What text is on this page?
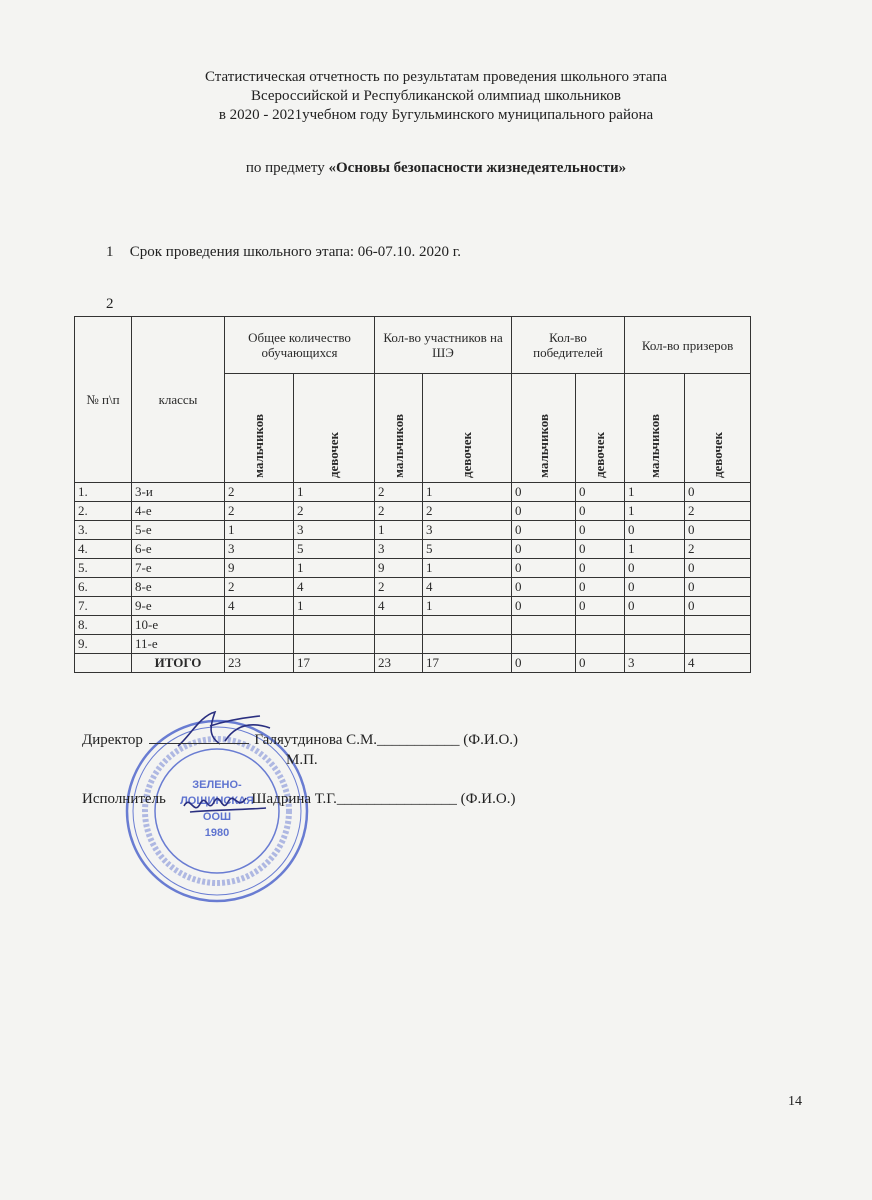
Статистическая отчетность по результатам проведения школьного этапа
Всероссийской и Республиканской олимпиад школьников
в 2020 - 2021учебном году Бугульминского муниципального района
по предмету «Основы безопасности жизнедеятельности»
1 Срок проведения школьного этапа: 06-07.10. 2020 г.
2
№ п\п	классы	Общее количество обучающихся		Кол-во участников на ШЭ		Кол-во победителей		Кол-во призеров	

		мальчиков	девочек	мальчиков	девочек	мальчиков	девочек	мальчиков	девочек

1.	3-и	2	1	2	1	0	0	1	0
2.	4-е	2	2	2	2	0	0	1	2
3.	5-е	1	3	1	3	0	0	0	0
4.	6-е	3	5	3	5	0	0	1	2
5.	7-е	9	1	9	1	0	0	0	0
6.	8-е	2	4	2	4	0	0	0	0
7.	9-е	4	1	4	1	0	0	0	0
8.	10-е								
9.	11-е								
	ИТОГО	23	17	23	17	0	0	3	4
ЗЕЛЕНО-
ЛОЩИНСКАЯ
ООШ
1980
Директор	Галяутдинова С.М.___________ (Ф.И.О.)
М.П.
Исполнитель	Шадрина Т.Г.________________ (Ф.И.О.)
14
